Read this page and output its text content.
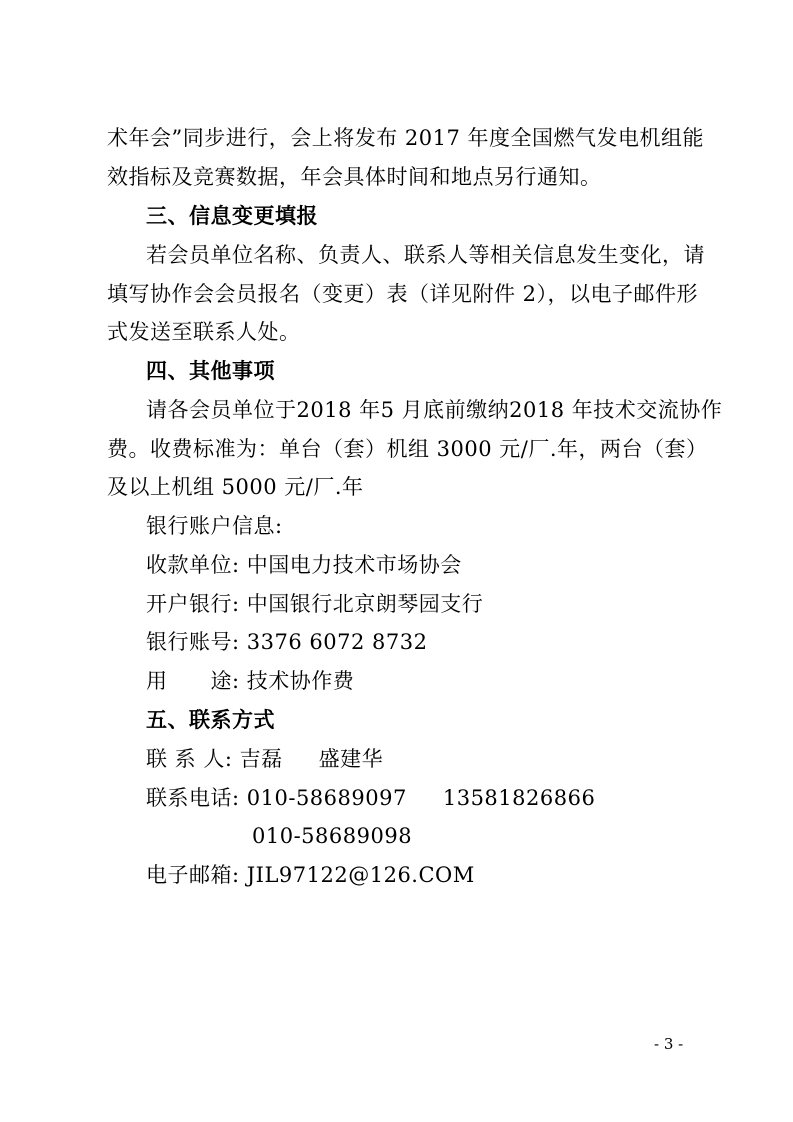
术年会”同步进行，会上将发布 2017 年度全国燃气发电机组能
效指标及竞赛数据，年会具体时间和地点另行通知。
三、信息变更填报
若会员单位名称、负责人、联系人等相关信息发生变化，请
填写协作会会员报名（变更）表（详见附件 2），以电子邮件形
式发送至联系人处。
四、其他事项
请各会员单位于2018 年5 月底前缴纳2018 年技术交流协作
费。收费标准为：单台（套）机组 3000 元/厂.年，两台（套）
及以上机组 5000 元/厂.年
银行账户信息:
收款单位: 中国电力技术市场协会
开户银行: 中国银行北京朗琴园支行
银行账号: 3376 6072 8732
用　　途: 技术协作费
五、联系方式
联 系 人: 吉磊 盛建华
联系电话: 010-58689097 13581826866
010-58689098
电子邮箱: JIL97122@126.COM
- 3 -
